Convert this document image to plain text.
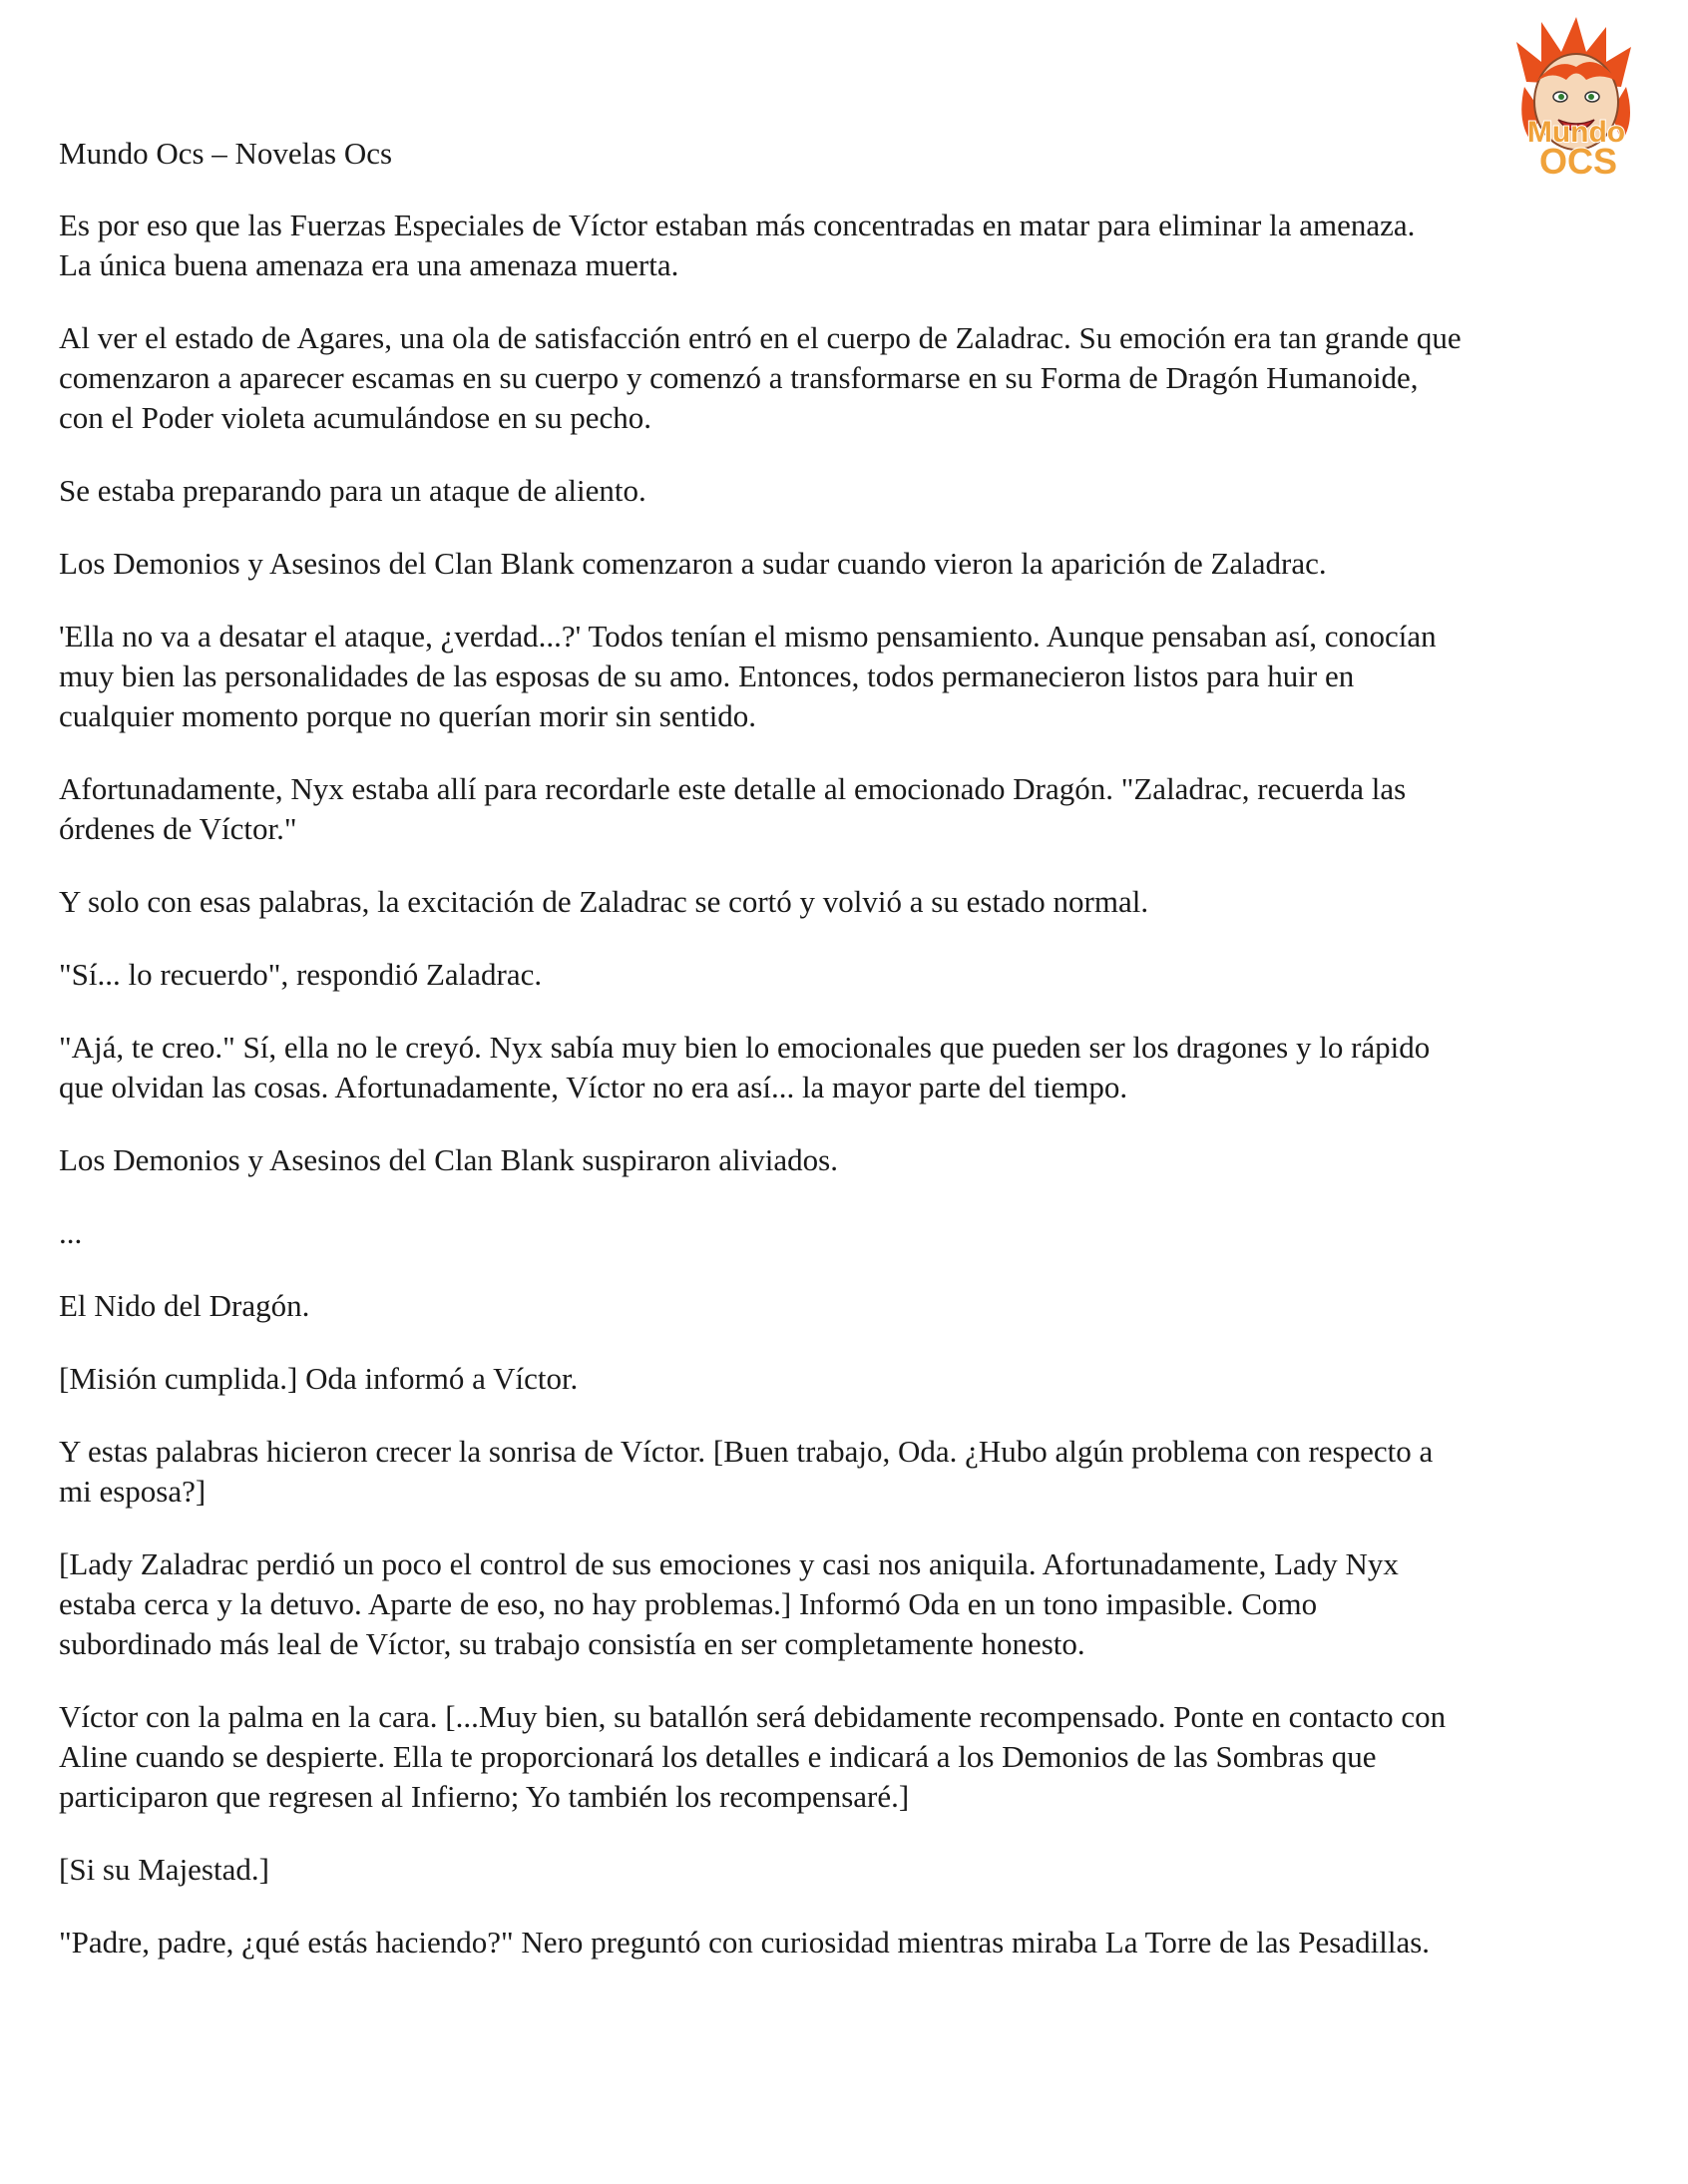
Mundo Ocs – Novelas Ocs
Mundo
OCS

Es por eso que las Fuerzas Especiales de Víctor estaban más concentradas en matar para eliminar la amenaza.
La única buena amenaza era una amenaza muerta.

Al ver el estado de Agares, una ola de satisfacción entró en el cuerpo de Zaladrac. Su emoción era tan grande que
comenzaron a aparecer escamas en su cuerpo y comenzó a transformarse en su Forma de Dragón Humanoide,
con el Poder violeta acumulándose en su pecho.

Se estaba preparando para un ataque de aliento.

Los Demonios y Asesinos del Clan Blank comenzaron a sudar cuando vieron la aparición de Zaladrac.

'Ella no va a desatar el ataque, ¿verdad...?' Todos tenían el mismo pensamiento. Aunque pensaban así, conocían
muy bien las personalidades de las esposas de su amo. Entonces, todos permanecieron listos para huir en
cualquier momento porque no querían morir sin sentido.

Afortunadamente, Nyx estaba allí para recordarle este detalle al emocionado Dragón. "Zaladrac, recuerda las
órdenes de Víctor."

Y solo con esas palabras, la excitación de Zaladrac se cortó y volvió a su estado normal.

"Sí... lo recuerdo", respondió Zaladrac.

"Ajá, te creo." Sí, ella no le creyó. Nyx sabía muy bien lo emocionales que pueden ser los dragones y lo rápido
que olvidan las cosas. Afortunadamente, Víctor no era así... la mayor parte del tiempo.

Los Demonios y Asesinos del Clan Blank suspiraron aliviados.

...

El Nido del Dragón.

[Misión cumplida.] Oda informó a Víctor.

Y estas palabras hicieron crecer la sonrisa de Víctor. [Buen trabajo, Oda. ¿Hubo algún problema con respecto a
mi esposa?]

[Lady Zaladrac perdió un poco el control de sus emociones y casi nos aniquila. Afortunadamente, Lady Nyx
estaba cerca y la detuvo. Aparte de eso, no hay problemas.] Informó Oda en un tono impasible. Como
subordinado más leal de Víctor, su trabajo consistía en ser completamente honesto.

Víctor con la palma en la cara. [...Muy bien, su batallón será debidamente recompensado. Ponte en contacto con
Aline cuando se despierte. Ella te proporcionará los detalles e indicará a los Demonios de las Sombras que
participaron que regresen al Infierno; Yo también los recompensaré.]

[Si su Majestad.]

"Padre, padre, ¿qué estás haciendo?" Nero preguntó con curiosidad mientras miraba La Torre de las Pesadillas.
